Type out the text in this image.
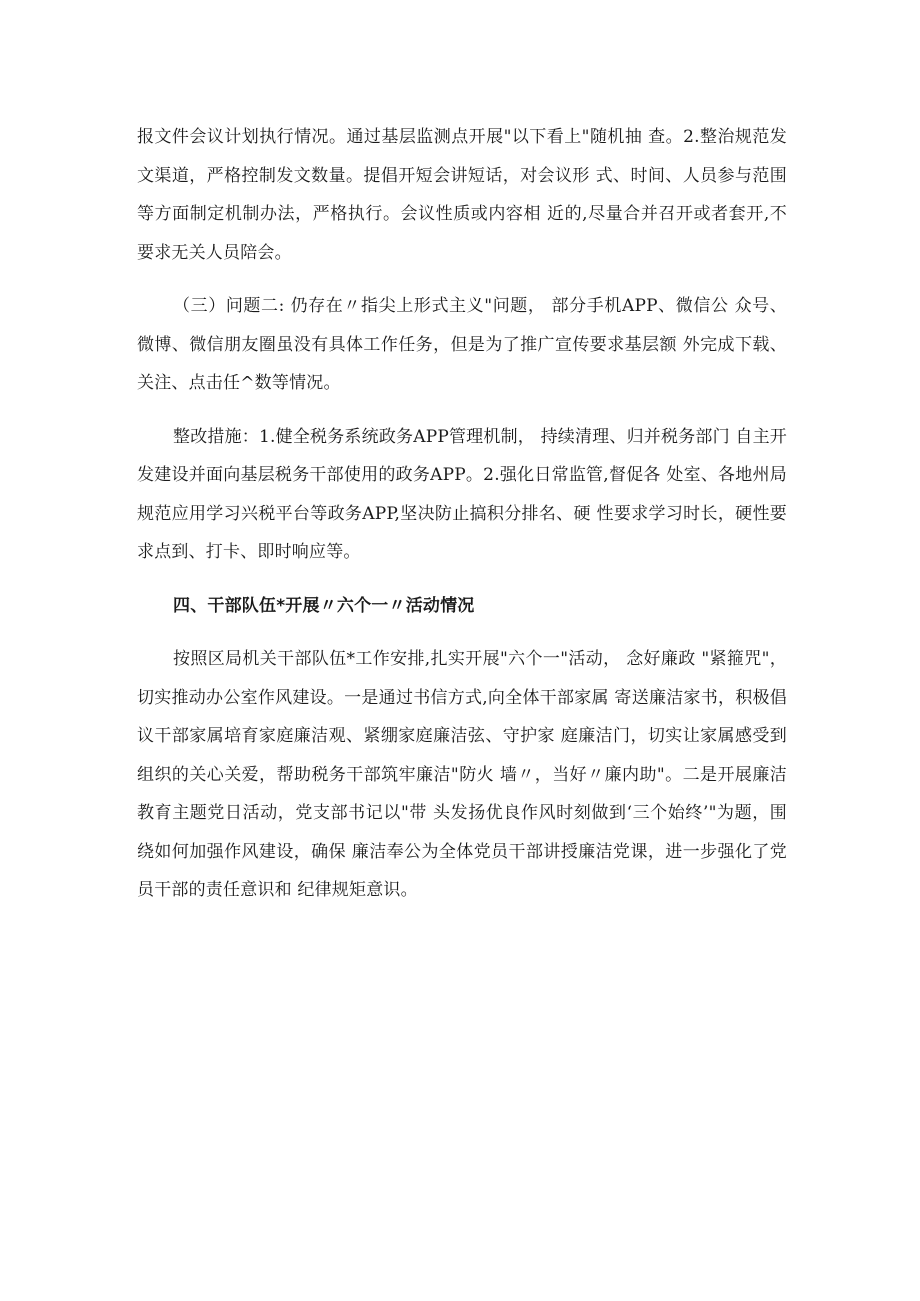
报文件会议计划执行情况。通过基层监测点开展"以下看上"随机抽 查。2.整治规范发文渠道，严格控制发文数量。提倡开短会讲短话，对会议形 式、时间、人员参与范围等方面制定机制办法，严格执行。会议性质或内容相 近的,尽量合并召开或者套开,不要求无关人员陪会。

（三）问题二: 仍存在〃指尖上形式主义"问题， 部分手机APP、微信公 众号、微博、微信朋友圈虽没有具体工作任务，但是为了推广宣传要求基层额 外完成下载、关注、点击任^数等情况。

整改措施：1.健全税务系统政务APP管理机制， 持续清理、归并税务部门 自主开发建设并面向基层税务干部使用的政务APP。2.强化日常监管,督促各 处室、各地州局规范应用学习兴税平台等政务APP,坚决防止搞积分排名、硬 性要求学习时长，硬性要求点到、打卡、即时响应等。

四、干部队伍*开展〃六个一〃活动情况

按照区局机关干部队伍*工作安排,扎实开展"六个一"活动， 念好廉政 "紧箍咒"，切实推动办公室作风建设。一是通过书信方式,向全体干部家属 寄送廉洁家书，积极倡议干部家属培育家庭廉洁观、紧绷家庭廉洁弦、守护家 庭廉洁门，切实让家属感受到组织的关心关爱，帮助税务干部筑牢廉洁"防火 墙〃，当好〃廉内助"。二是开展廉洁教育主题党日活动，党支部书记以"带 头发扬优良作风时刻做到‘三个始终’"为题，围绕如何加强作风建设，确保 廉洁奉公为全体党员干部讲授廉洁党课，进一步强化了党员干部的责任意识和 纪律规矩意识。
